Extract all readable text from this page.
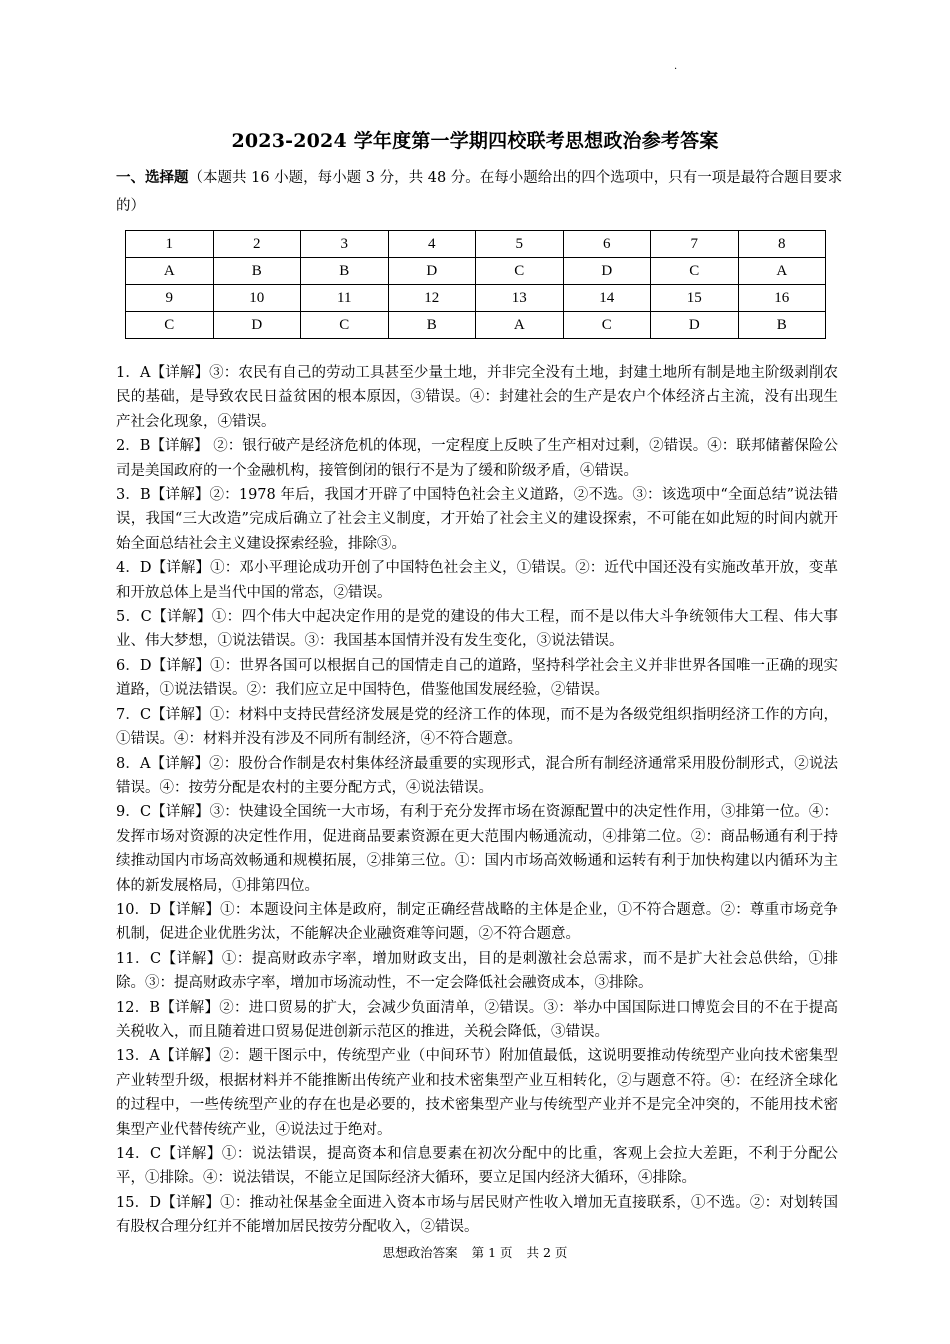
.
2023-2024 学年度第一学期四校联考思想政治参考答案
一、选择题（本题共 16 小题，每小题 3 分，共 48 分。在每小题给出的四个选项中，只有一项是最符合题目要求的）
1	2	3	4	5	6	7	8
A	B	B	D	C	D	C	A
9	10	11	12	13	14	15	16
C	D	C	B	A	C	D	B

1．A【详解】③：农民有自己的劳动工具甚至少量土地，并非完全没有土地，封建土地所有制是地主阶级剥削农民的基础，是导致农民日益贫困的根本原因，③错误。④：封建社会的生产是农户个体经济占主流，没有出现生产社会化现象，④错误。

2．B【详解】 ②：银行破产是经济危机的体现，一定程度上反映了生产相对过剩，②错误。④：联邦储蓄保险公司是美国政府的一个金融机构，接管倒闭的银行不是为了缓和阶级矛盾，④错误。

3．B【详解】②：1978 年后，我国才开辟了中国特色社会主义道路，②不选。③：该选项中“全面总结”说法错误，我国“三大改造”完成后确立了社会主义制度，才开始了社会主义的建设探索，不可能在如此短的时间内就开始全面总结社会主义建设探索经验，排除③。

4．D【详解】①：邓小平理论成功开创了中国特色社会主义，①错误。②：近代中国还没有实施改革开放，变革和开放总体上是当代中国的常态，②错误。

5．C【详解】①：四个伟大中起决定作用的是党的建设的伟大工程，而不是以伟大斗争统领伟大工程、伟大事业、伟大梦想，①说法错误。③：我国基本国情并没有发生变化，③说法错误。

6．D【详解】①：世界各国可以根据自己的国情走自己的道路，坚持科学社会主义并非世界各国唯一正确的现实道路，①说法错误。②：我们应立足中国特色，借鉴他国发展经验，②错误。

7．C【详解】①：材料中支持民营经济发展是党的经济工作的体现，而不是为各级党组织指明经济工作的方向，①错误。④：材料并没有涉及不同所有制经济，④不符合题意。

8．A【详解】②：股份合作制是农村集体经济最重要的实现形式，混合所有制经济通常采用股份制形式，②说法错误。④：按劳分配是农村的主要分配方式，④说法错误。

9．C【详解】③：快建设全国统一大市场，有利于充分发挥市场在资源配置中的决定性作用，③排第一位。④：发挥市场对资源的决定性作用，促进商品要素资源在更大范围内畅通流动，④排第二位。②：商品畅通有利于持续推动国内市场高效畅通和规模拓展，②排第三位。①：国内市场高效畅通和运转有利于加快构建以内循环为主体的新发展格局，①排第四位。

10．D【详解】①：本题设问主体是政府，制定正确经营战略的主体是企业，①不符合题意。②：尊重市场竞争机制，促进企业优胜劣汰，不能解决企业融资难等问题，②不符合题意。

11．C【详解】①：提高财政赤字率，增加财政支出，目的是刺激社会总需求，而不是扩大社会总供给，①排除。③：提高财政赤字率，增加市场流动性，不一定会降低社会融资成本，③排除。

12．B【详解】②：进口贸易的扩大，会减少负面清单，②错误。③：举办中国国际进口博览会目的不在于提高关税收入，而且随着进口贸易促进创新示范区的推进，关税会降低，③错误。

13．A【详解】②：题干图示中，传统型产业（中间环节）附加值最低，这说明要推动传统型产业向技术密集型产业转型升级，根据材料并不能推断出传统产业和技术密集型产业互相转化，②与题意不符。④：在经济全球化的过程中，一些传统型产业的存在也是必要的，技术密集型产业与传统型产业并不是完全冲突的，不能用技术密集型产业代替传统产业，④说法过于绝对。

14．C【详解】①：说法错误，提高资本和信息要素在初次分配中的比重，客观上会拉大差距，不利于分配公平，①排除。④：说法错误，不能立足国际经济大循环，要立足国内经济大循环，④排除。

15．D【详解】①：推动社保基金全面进入资本市场与居民财产性收入增加无直接联系，①不选。②：对划转国有股权合理分红并不能增加居民按劳分配收入，②错误。

思想政治答案 第 1 页 共 2 页
